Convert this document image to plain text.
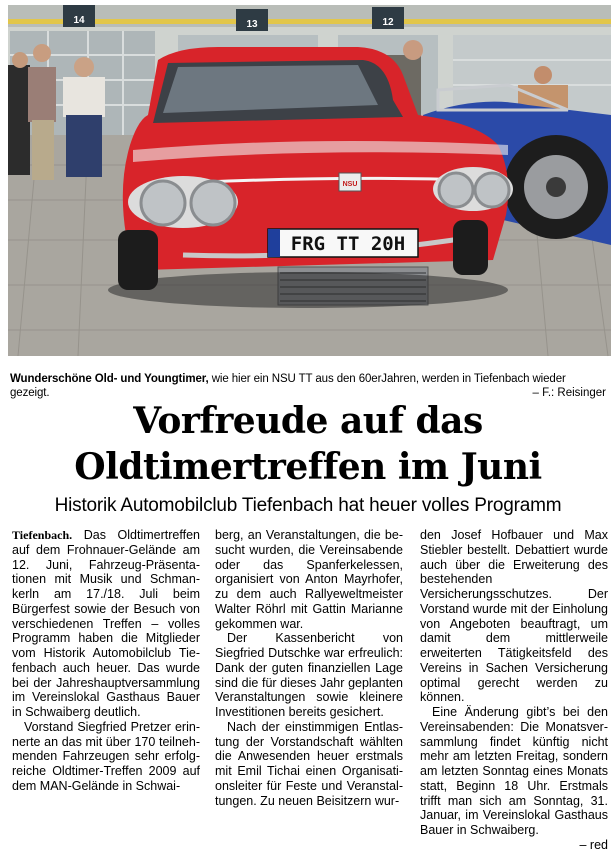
14	13	12
NSU
FRG TT 20H
Wunderschöne Old- und Youngtimer, wie hier ein NSU TT aus den 60erJahren, werden in Tiefenbach wieder gezeigt.	– F.: Reisinger
Vorfreude auf das
Oldtimertreffen im Juni
Historik Automobilclub Tiefenbach hat heuer volles Programm

Tiefenbach. Das Oldtimertreffen auf dem Frohnauer-Gelände am 12. Juni, Fahrzeug-Präsentationen mit Musik und Schmankerln am 17./18. Juli beim Bürgerfest sowie der Besuch von verschiedenen Treffen – volles Programm haben die Mitglieder vom Historik Automobilclub Tiefenbach auch heuer. Das wurde bei der Jahreshauptversammlung im Vereinslokal Gasthaus Bauer in Schwaiberg deutlich.

Vorstand Siegfried Pretzer erinnerte an das mit über 170 teilnehmenden Fahrzeugen sehr erfolgreiche Oldtimer-Treffen 2009 auf dem MAN-Gelände in Schwai-

berg, an Veranstaltungen, die besucht wurden, die Vereinsabende oder das Spanferkelessen, organisiert von Anton Mayrhofer, zu dem auch Rallyeweltmeister Walter Röhrl mit Gattin Marianne gekommen war.

Der Kassenbericht von Siegfried Dutschke war erfreulich: Dank der guten finanziellen Lage sind die für dieses Jahr geplanten Veranstaltungen sowie kleinere Investitionen bereits gesichert.

Nach der einstimmigen Entlastung der Vorstandschaft wählten die Anwesenden heuer erstmals mit Emil Tichai einen Organisationsleiter für Feste und Veranstaltungen. Zu neuen Beisitzern wur-

den Josef Hofbauer und Max Stiebler bestellt. Debattiert wurde auch über die Erweiterung des bestehenden Versicherungsschutzes. Der Vorstand wurde mit der Einholung von Angeboten beauftragt, um damit dem mittlerweile erweiterten Tätigkeitsfeld des Vereins in Sachen Versicherung optimal gerecht werden zu können.

Eine Änderung gibt’s bei den Vereinsabenden: Die Monatsversammlung findet künftig nicht mehr am letzten Freitag, sondern am letzten Sonntag eines Monats statt, Beginn 18 Uhr. Erstmals trifft man sich am Sonntag, 31. Januar, im Vereinslokal Gasthaus Bauer in Schwaiberg.

– red
